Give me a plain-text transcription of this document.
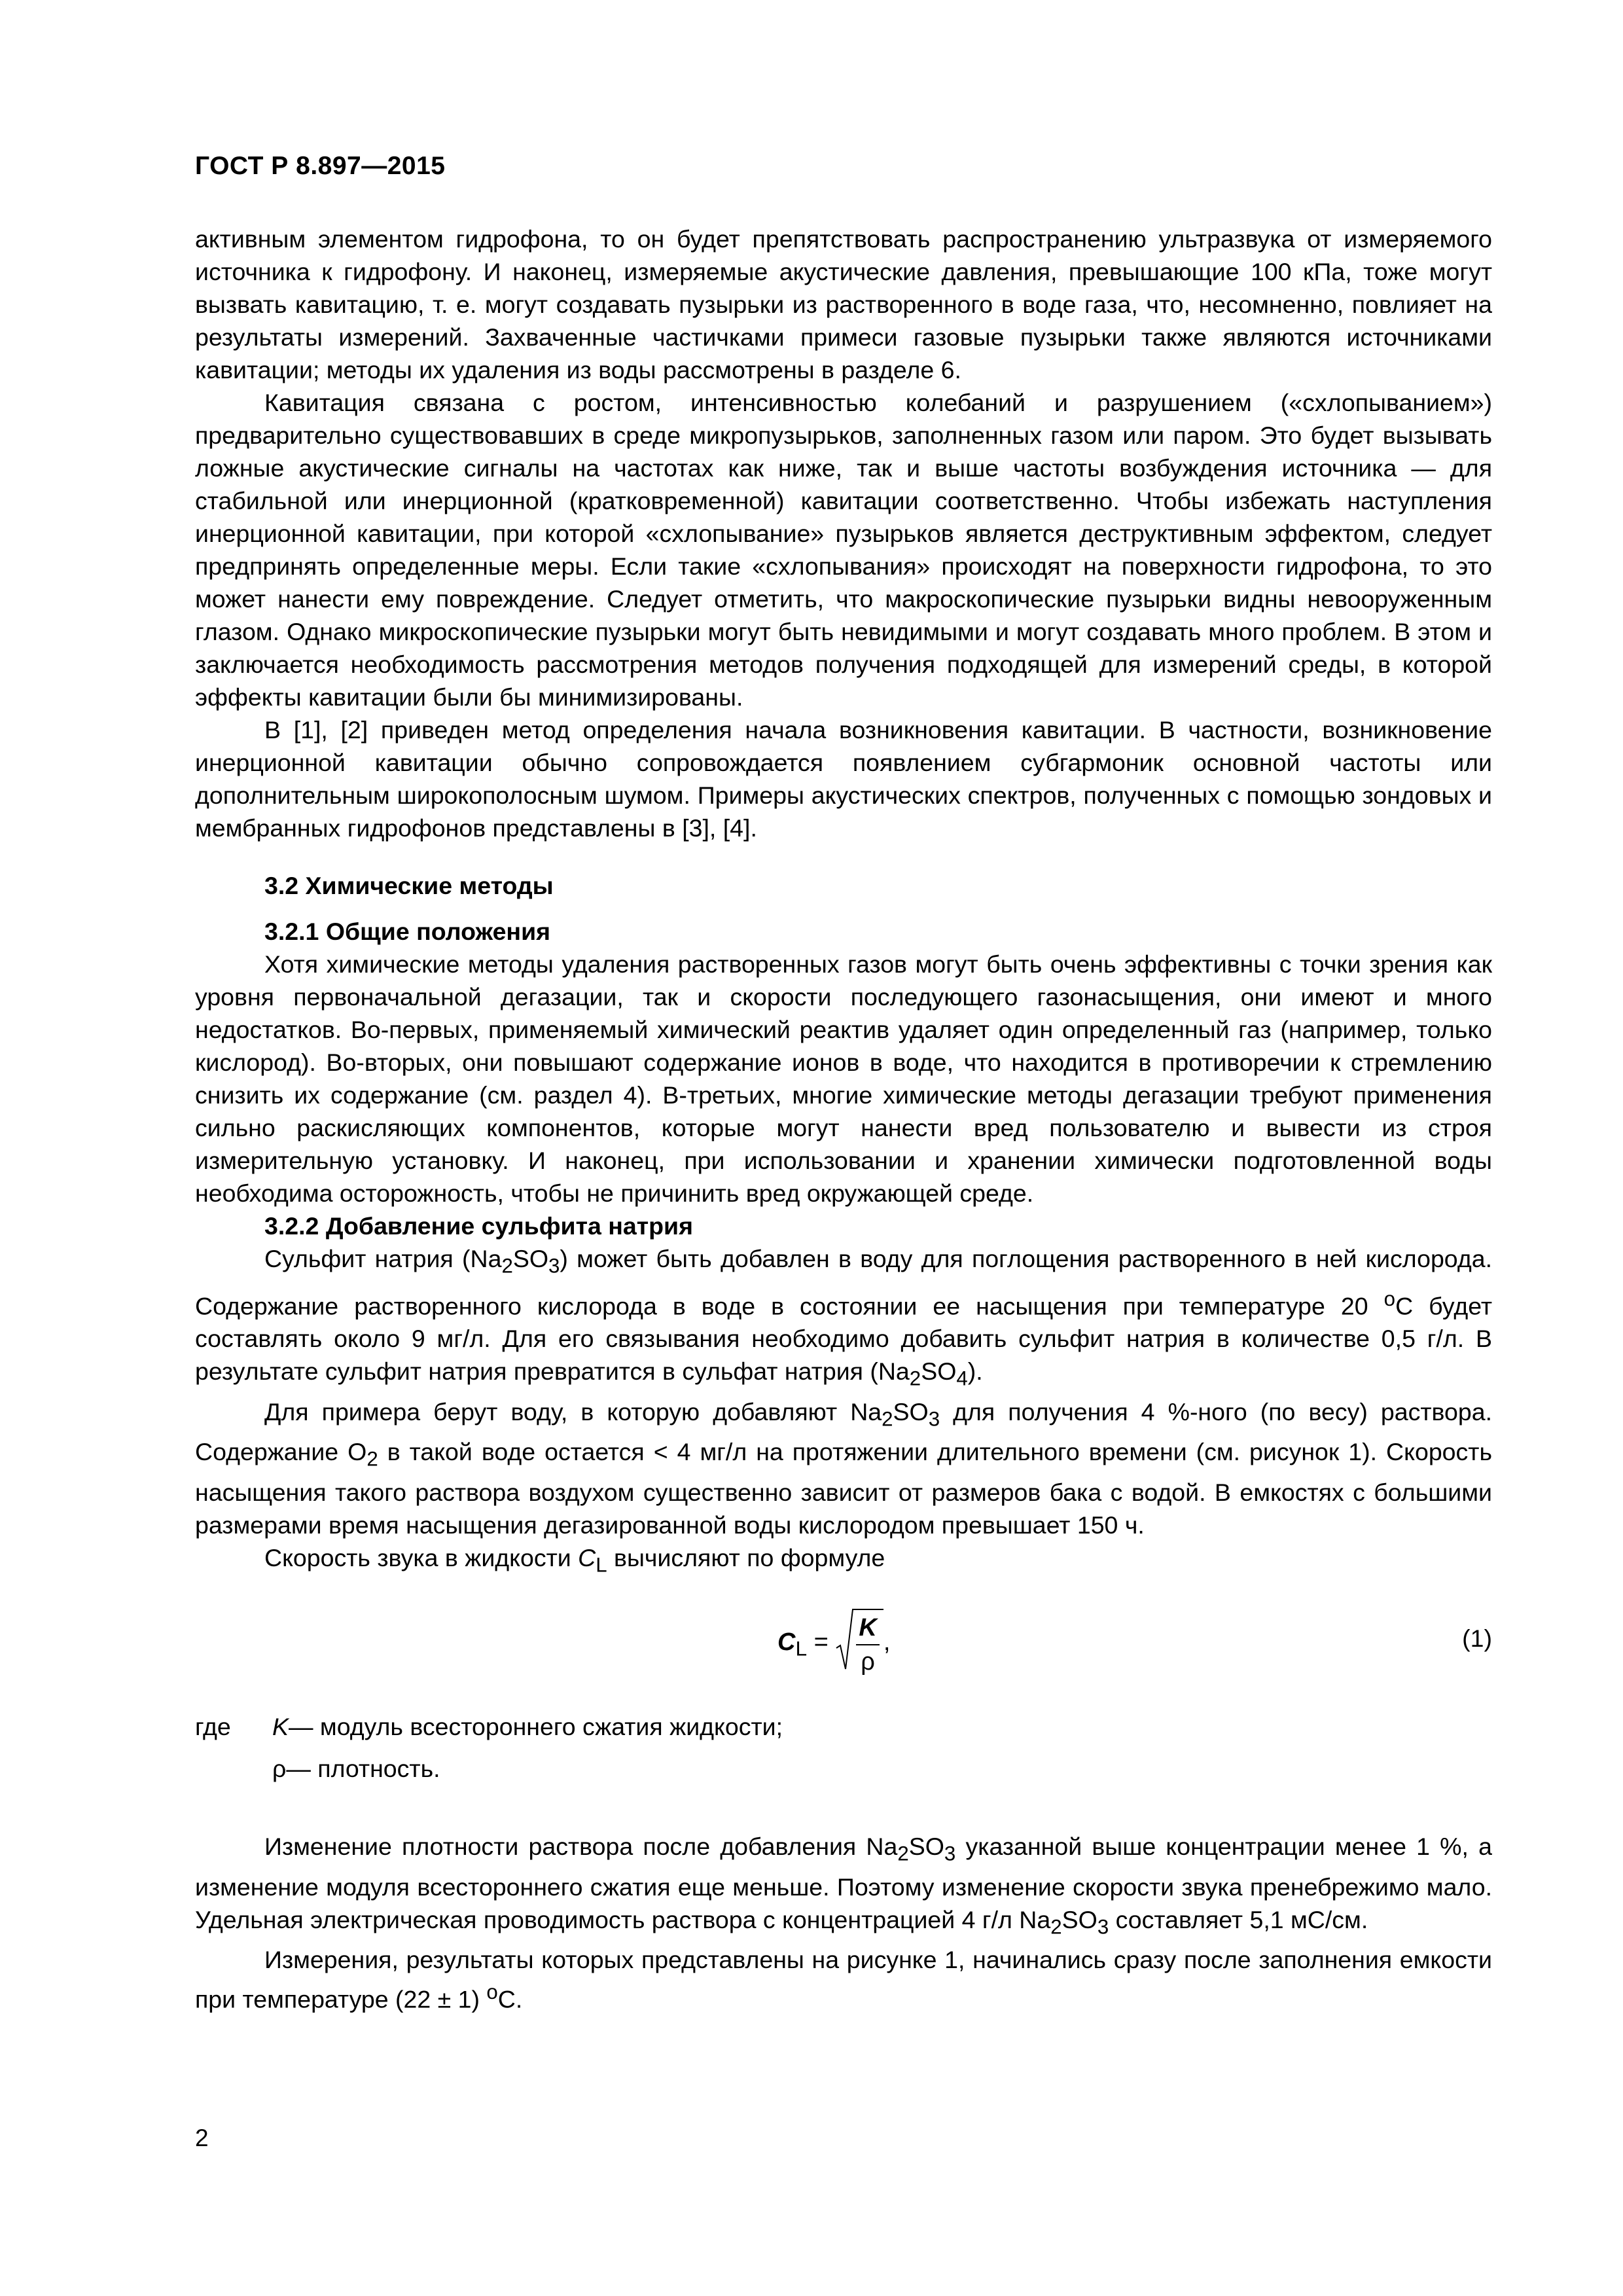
ГОСТ Р 8.897—2015

активным элементом гидрофона, то он будет препятствовать распространению ультразвука от измеряемого источника к гидрофону. И наконец, измеряемые акустические давления, превышающие 100 кПа, тоже могут вызвать кавитацию, т. е. могут создавать пузырьки из растворенного в воде газа, что, несомненно, повлияет на результаты измерений. Захваченные частичками примеси газовые пузырьки также являются источниками кавитации; методы их удаления из воды рассмотрены в разделе 6.

Кавитация связана с ростом, интенсивностью колебаний и разрушением («схлопыванием») предварительно существовавших в среде микропузырьков, заполненных газом или паром. Это будет вызывать ложные акустические сигналы на частотах как ниже, так и выше частоты возбуждения источника — для стабильной или инерционной (кратковременной) кавитации соответственно. Чтобы избежать наступления инерционной кавитации, при которой «схлопывание» пузырьков является деструктивным эффектом, следует предпринять определенные меры. Если такие «схлопывания» происходят на поверхности гидрофона, то это может нанести ему повреждение. Следует отметить, что макроскопические пузырьки видны невооруженным глазом. Однако микроскопические пузырьки могут быть невидимыми и могут создавать много проблем. В этом и заключается необходимость рассмотрения методов получения подходящей для измерений среды, в которой эффекты кавитации были бы минимизированы.

В [1], [2] приведен метод определения начала возникновения кавитации. В частности, возникновение инерционной кавитации обычно сопровождается появлением субгармоник основной частоты или дополнительным широкополосным шумом. Примеры акустических спектров, полученных с помощью зондовых и мембранных гидрофонов представлены в [3], [4].

3.2 Химические методы

3.2.1 Общие положения

Хотя химические методы удаления растворенных газов могут быть очень эффективны с точки зрения как уровня первоначальной дегазации, так и скорости последующего газонасыщения, они имеют и много недостатков. Во-первых, применяемый химический реактив удаляет один определенный газ (например, только кислород). Во-вторых, они повышают содержание ионов в воде, что находится в противоречии к стремлению снизить их содержание (см. раздел 4). В-третьих, многие химические методы дегазации требуют применения сильно раскисляющих компонентов, которые могут нанести вред пользователю и вывести из строя измерительную установку. И наконец, при использовании и хранении химически подготовленной воды необходима осторожность, чтобы не причинить вред окружающей среде.

3.2.2 Добавление сульфита натрия

Сульфит натрия $(Na_2SO_3)$ может быть добавлен в воду для поглощения растворенного в ней кислорода. Содержание растворенного кислорода в воде в состоянии ее насыщения при температуре 20 $^о$С будет составлять около 9 мг/л. Для его связывания необходимо добавить сульфит натрия в количестве 0,5 г/л. В результате сульфит натрия превратится в сульфат натрия $(Na_2SO_4)$.

Для примера берут воду, в которую добавляют $Na_2SO_3$ для получения 4 %-ного (по весу) раствора. Содержание $O_2$ в такой воде остается < 4 мг/л на протяжении длительного времени (см. рисунок 1). Скорость насыщения такого раствора воздухом существенно зависит от размеров бака с водой. В емкостях с большими размерами время насыщения дегазированной воды кислородом превышает 150 ч.

Скорость звука в жидкости $C_L$ вычисляют по формуле

$C_L = \frac{K}{\rho}$ ,	(1)
где	K — модуль всестороннего сжатия жидкости;
ρ — плотность.

Изменение плотности раствора после добавления $Na_2SO_3$ указанной выше концентрации менее 1 %, а изменение модуля всестороннего сжатия еще меньше. Поэтому изменение скорости звука пренебрежимо мало. Удельная электрическая проводимость раствора с концентрацией 4 г/л $Na_2SO_3$ составляет 5,1 мС/см.

Измерения, результаты которых представлены на рисунке 1, начинались сразу после заполнения емкости при температуре (22 ± 1) $^о$С.

2
